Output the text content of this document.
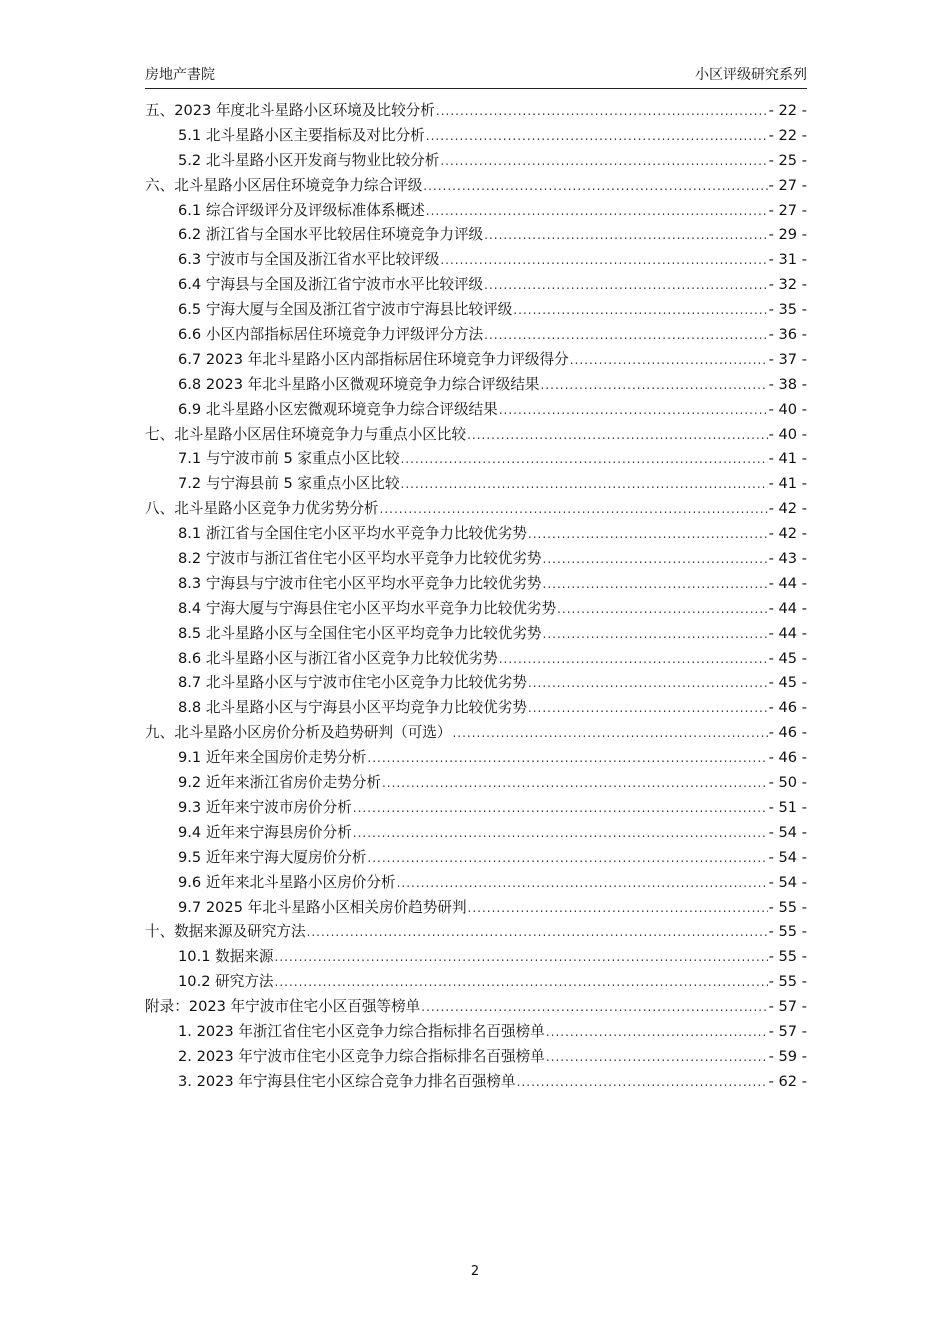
房地产書院	小区评级研究系列
五、2023 年度北斗星路小区环境及比较分析 .....	- 22 -
5.1 北斗星路小区主要指标及对比分析 .....	- 22 -
5.2 北斗星路小区开发商与物业比较分析 .....	- 25 -
六、北斗星路小区居住环境竞争力综合评级 .....	- 27 -
6.1 综合评级评分及评级标准体系概述 .....	- 27 -
6.2 浙江省与全国水平比较居住环境竞争力评级 .....	- 29 -
6.3 宁波市与全国及浙江省水平比较评级 .....	- 31 -
6.4 宁海县与全国及浙江省宁波市水平比较评级 .....	- 32 -
6.5 宁海大厦与全国及浙江省宁波市宁海县比较评级 .....	- 35 -
6.6 小区内部指标居住环境竞争力评级评分方法 .....	- 36 -
6.7 2023 年北斗星路小区内部指标居住环境竞争力评级得分 .....	- 37 -
6.8 2023 年北斗星路小区微观环境竞争力综合评级结果 .....	- 38 -
6.9 北斗星路小区宏微观环境竞争力综合评级结果 .....	- 40 -
七、北斗星路小区居住环境竞争力与重点小区比较 .....	- 40 -
7.1 与宁波市前 5 家重点小区比较 .....	- 41 -
7.2 与宁海县前 5 家重点小区比较 .....	- 41 -
八、北斗星路小区竞争力优劣势分析 .....	- 42 -
8.1 浙江省与全国住宅小区平均水平竞争力比较优劣势 .....	- 42 -
8.2 宁波市与浙江省住宅小区平均水平竞争力比较优劣势 .....	- 43 -
8.3 宁海县与宁波市住宅小区平均水平竞争力比较优劣势 .....	- 44 -
8.4 宁海大厦与宁海县住宅小区平均水平竞争力比较优劣势 .....	- 44 -
8.5 北斗星路小区与全国住宅小区平均竞争力比较优劣势 .....	- 44 -
8.6 北斗星路小区与浙江省小区竞争力比较优劣势 .....	- 45 -
8.7 北斗星路小区与宁波市住宅小区竞争力比较优劣势 .....	- 45 -
8.8 北斗星路小区与宁海县小区平均竞争力比较优劣势 .....	- 46 -
九、北斗星路小区房价分析及趋势研判（可选） .....	- 46 -
9.1 近年来全国房价走势分析 .....	- 46 -
9.2 近年来浙江省房价走势分析 .....	- 50 -
9.3 近年来宁波市房价分析 .....	- 51 -
9.4 近年来宁海县房价分析 .....	- 54 -
9.5 近年来宁海大厦房价分析 .....	- 54 -
9.6 近年来北斗星路小区房价分析 .....	- 54 -
9.7 2025 年北斗星路小区相关房价趋势研判 .....	- 55 -
十、数据来源及研究方法 .....	- 55 -
10.1 数据来源 .....	- 55 -
10.2 研究方法 .....	- 55 -
附录：2023 年宁波市住宅小区百强等榜单 .....	- 57 -
1. 2023 年浙江省住宅小区竞争力综合指标排名百强榜单 .....	- 57 -
2. 2023 年宁波市住宅小区竞争力综合指标排名百强榜单 .....	- 59 -
3. 2023 年宁海县住宅小区综合竞争力排名百强榜单 .....	- 62 -
2
